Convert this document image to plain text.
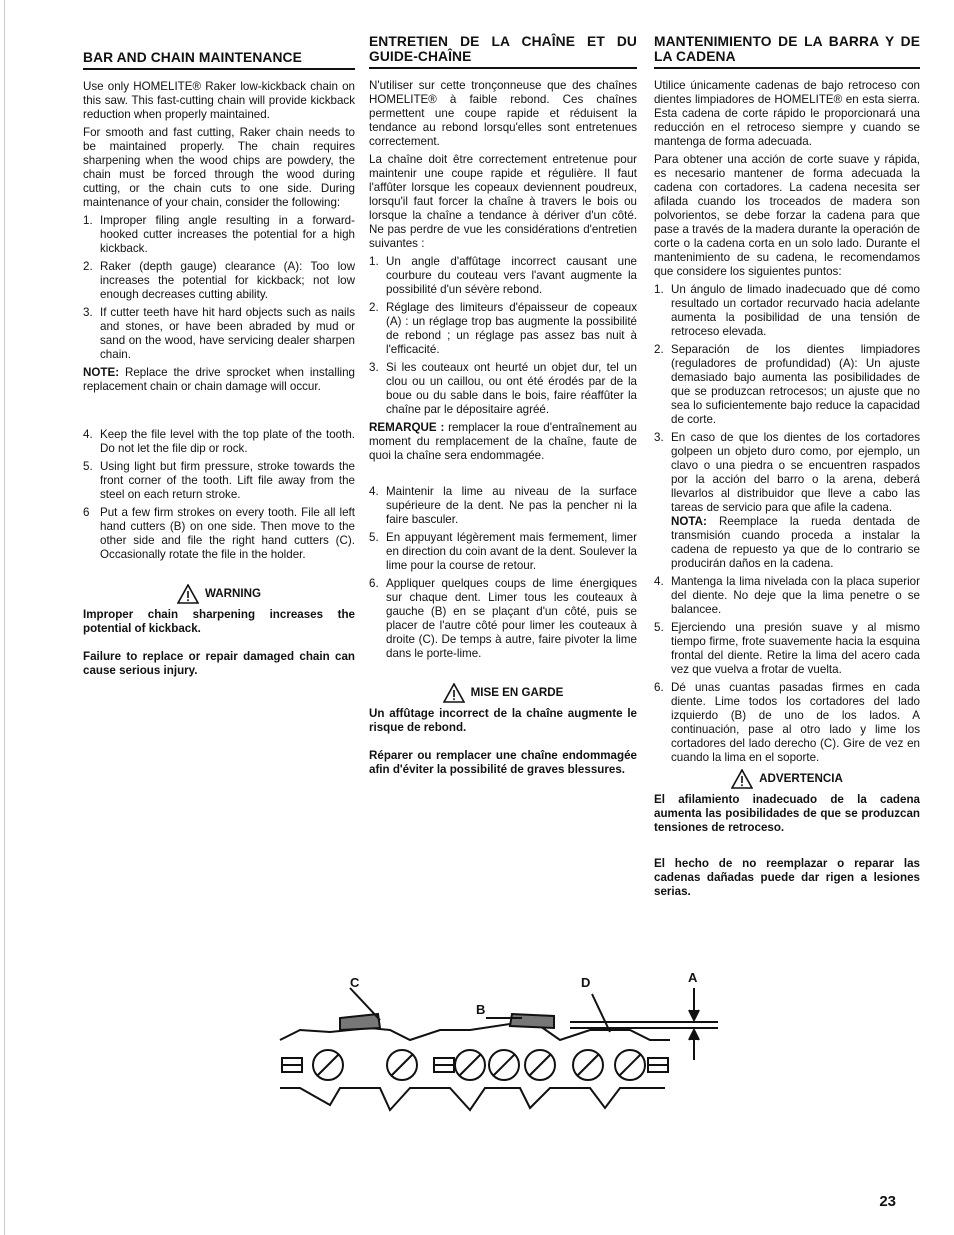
BAR AND CHAIN MAINTENANCE

Use only HOMELITE® Raker low-kickback chain on this saw. This fast-cutting chain will provide kickback reduction when properly maintained.

For smooth and fast cutting, Raker chain needs to be maintained properly. The chain requires sharpening when the wood chips are powdery, the chain must be forced through the wood during cutting, or the chain cuts to one side. During maintenance of your chain, consider the following:

1. Improper filing angle resulting in a forward-hooked cutter increases the potential for a high kickback.
2. Raker (depth gauge) clearance (A): Too low increases the potential for kickback; not low enough decreases cutting ability.
3. If cutter teeth have hit hard objects such as nails and stones, or have been abraded by mud or sand on the wood, have servicing dealer sharpen chain.

NOTE: Replace the drive sprocket when installing replacement chain or chain damage will occur.

4. Keep the file level with the top plate of the tooth. Do not let the file dip or rock.
5. Using light but firm pressure, stroke towards the front corner of the tooth. Lift file away from the steel on each return stroke.
6 Put a few firm strokes on every tooth. File all left hand cutters (B) on one side. Then move to the other side and file the right hand cutters (C). Occasionally rotate the file in the holder.
WARNING

Improper chain sharpening increases the potential of kickback.

Failure to replace or repair damaged chain can cause serious injury.

ENTRETIEN DE LA CHAÎNE ET DU GUIDE-CHAÎNE

N'utiliser sur cette tronçonneuse que des chaînes HOMELITE® à faible rebond. Ces chaînes permettent une coupe rapide et réduisent la tendance au rebond lorsqu'elles sont entretenues correctement.

La chaîne doit être correctement entretenue pour maintenir une coupe rapide et régulière. Il faut l'affûter lorsque les copeaux deviennent poudreux, lorsqu'il faut forcer la chaîne à travers le bois ou lorsque la chaîne a tendance à dériver d'un côté. Ne pas perdre de vue les considérations d'entretien suivantes :

1. Un angle d'affûtage incorrect causant une courbure du couteau vers l'avant augmente la possibilité d'un sévère rebond.
2. Réglage des limiteurs d'épaisseur de copeaux (A) : un réglage trop bas augmente la possibilité de rebond ; un réglage pas assez bas nuit à l'efficacité.
3. Si les couteaux ont heurté un objet dur, tel un clou ou un caillou, ou ont été érodés par de la boue ou du sable dans le bois, faire réaffûter la chaîne par le dépositaire agréé.

REMARQUE : remplacer la roue d'entraînement au moment du remplacement de la chaîne, faute de quoi la chaîne sera endommagée.

4. Maintenir la lime au niveau de la surface supérieure de la dent. Ne pas la pencher ni la faire basculer.
5. En appuyant légèrement mais fermement, limer en direction du coin avant de la dent. Soulever la lime pour la course de retour.
6. Appliquer quelques coups de lime énergiques sur chaque dent. Limer tous les couteaux à gauche (B) en se plaçant d'un côté, puis se placer de l'autre côté pour limer les couteaux à droite (C). De temps à autre, faire pivoter la lime dans le porte-lime.
MISE EN GARDE

Un affûtage incorrect de la chaîne augmente le risque de rebond.

Réparer ou remplacer une chaîne endommagée afin d'éviter la possibilité de graves blessures.

MANTENIMIENTO DE LA BARRA Y DE LA CADENA

Utilice únicamente cadenas de bajo retroceso con dientes limpiadores de HOMELITE® en esta sierra. Esta cadena de corte rápido le proporcionará una reducción en el retroceso siempre y cuando se mantenga de forma adecuada.

Para obtener una acción de corte suave y rápida, es necesario mantener de forma adecuada la cadena con cortadores. La cadena necesita ser afilada cuando los troceados de madera son polvorientos, se debe forzar la cadena para que pase a través de la madera durante la operación de corte o la cadena corta en un solo lado. Durante el mantenimiento de su cadena, le recomendamos que considere los siguientes puntos:

1. Un ángulo de limado inadecuado que dé como resultado un cortador recurvado hacia adelante aumenta la posibilidad de una tensión de retroceso elevada.
2. Separación de los dientes limpiadores (reguladores de profundidad) (A): Un ajuste demasiado bajo aumenta las posibilidades de que se produzcan retrocesos; un ajuste que no sea lo suficientemente bajo reduce la capacidad de corte.
3. En caso de que los dientes de los cortadores golpeen un objeto duro como, por ejemplo, un clavo o una piedra o se encuentren raspados por la acción del barro o la arena, deberá llevarlos al distribuidor que lleve a cabo las tareas de servicio para que afile la cadena.
NOTA: Reemplace la rueda dentada de transmisión cuando proceda a instalar la cadena de repuesto ya que de lo contrario se producirán daños en la cadena.
4. Mantenga la lima nivelada con la placa superior del diente. No deje que la lima penetre o se balancee.
5. Ejerciendo una presión suave y al mismo tiempo firme, frote suavemente hacia la esquina frontal del diente. Retire la lima del acero cada vez que vuelva a frotar de vuelta.
6. Dé unas cuantas pasadas firmes en cada diente. Lime todos los cortadores del lado izquierdo (B) de uno de los lados. A continuación, pase al otro lado y lime los cortadores del lado derecho (C). Gire de vez en cuando la lima en el soporte.
ADVERTENCIA

El afilamiento inadecuado de la cadena aumenta las posibilidades de que se produzcan tensiones de retroceso.

El hecho de no reemplazar o reparar las cadenas dañadas puede dar rigen a lesiones serias.

C
B
D	A
23
